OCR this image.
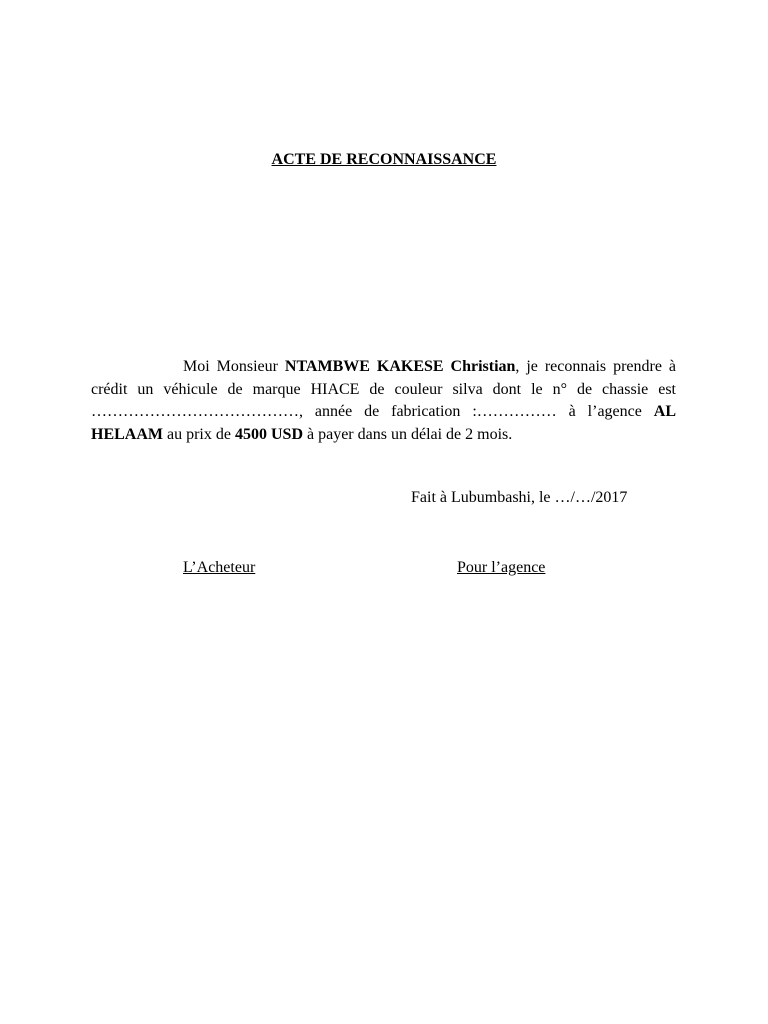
ACTE DE RECONNAISSANCE

Moi Monsieur NTAMBWE KAKESE Christian, je reconnais prendre à crédit un véhicule de marque HIACE de couleur silva dont le n° de chassie est …………………………………, année de fabrication :…………… à l’agence AL HELAAM au prix de 4500 USD à payer dans un délai de 2 mois.

Fait à Lubumbashi, le …/…/2017
L’Acheteur	Pour l’agence
